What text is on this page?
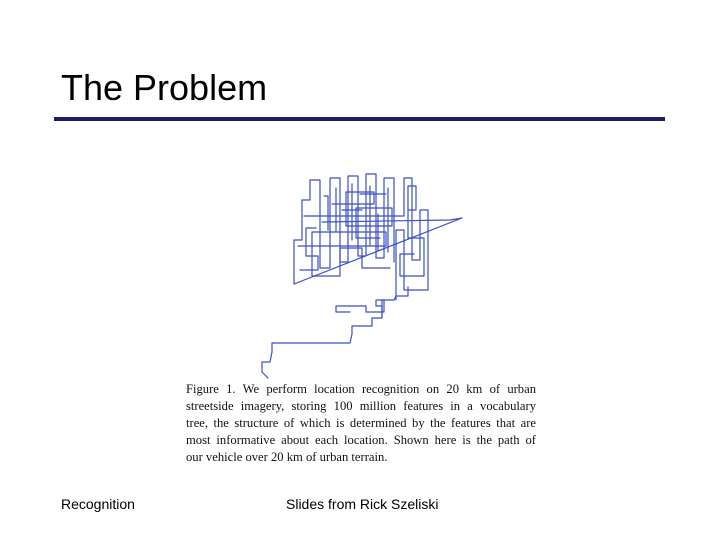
The Problem

Figure 1. We perform location recognition on 20 km of urban
streetside imagery, storing 100 million features in a vocabulary
tree, the structure of which is determined by the features that are
most informative about each location. Shown here is the path of
our vehicle over 20 km of urban terrain.

Recognition	Slides from Rick Szeliski
